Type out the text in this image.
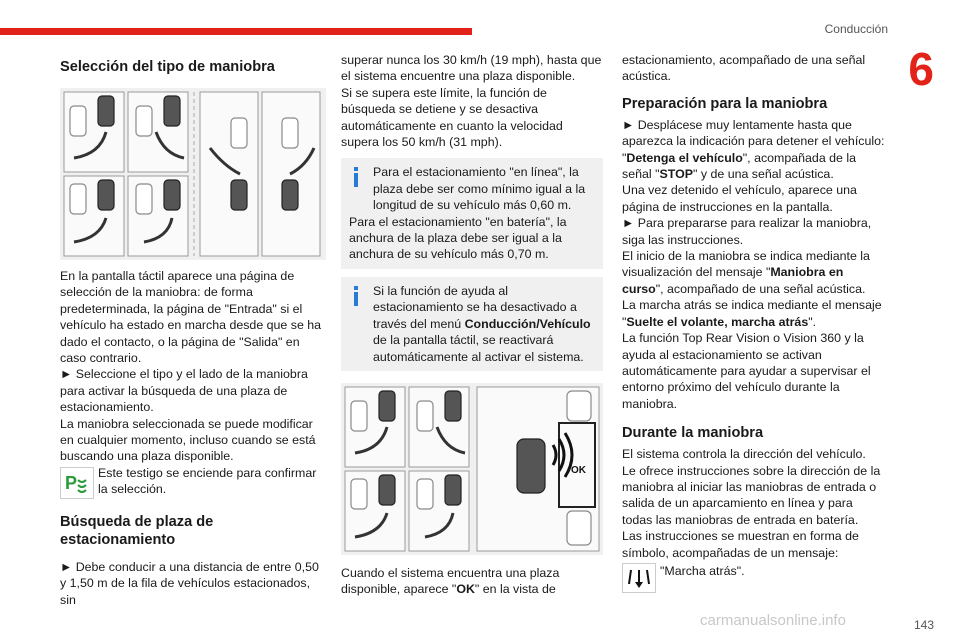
Conducción
6
Selección del tipo de maniobra

En la pantalla táctil aparece una página de selección de la maniobra: de forma predeterminada, la página de "Entrada" si el vehículo ha estado en marcha desde que se ha dado el contacto, o la página de "Salida" en caso contrario.

► Seleccione el tipo y el lado de la maniobra para activar la búsqueda de una plaza de estacionamiento.

La maniobra seleccionada se puede modificar en cualquier momento, incluso cuando se está buscando una plaza disponible.

P Este testigo se enciende para confirmar la selección.

Búsqueda de plaza de estacionamiento

► Debe conducir a una distancia de entre 0,50 y 1,50 m de la fila de vehículos estacionados, sin

superar nunca los 30 km/h (19 mph), hasta que el sistema encuentre una plaza disponible.

Si se supera este límite, la función de búsqueda se detiene y se desactiva automáticamente en cuanto la velocidad supera los 50 km/h (31 mph).

Para el estacionamiento "en línea", la plaza debe ser como mínimo igual a la longitud de su vehículo más 0,60 m.

Para el estacionamiento "en batería", la anchura de la plaza debe ser igual a la anchura de su vehículo más 0,70 m.

Si la función de ayuda al estacionamiento se ha desactivado a través del menú Conducción/Vehículo de la pantalla táctil, se reactivará automáticamente al activar el sistema.

OK

Cuando el sistema encuentra una plaza disponible, aparece "OK" en la vista de

estacionamiento, acompañado de una señal acústica.

Preparación para la maniobra

► Desplácese muy lentamente hasta que aparezca la indicación para detener el vehículo: "Detenga el vehículo", acompañada de la señal "STOP" y de una señal acústica.

Una vez detenido el vehículo, aparece una página de instrucciones en la pantalla.

► Para prepararse para realizar la maniobra, siga las instrucciones.

El inicio de la maniobra se indica mediante la visualización del mensaje "Maniobra en curso", acompañado de una señal acústica.

La marcha atrás se indica mediante el mensaje "Suelte el volante, marcha atrás".

La función Top Rear Vision o Vision 360 y la ayuda al estacionamiento se activan automáticamente para ayudar a supervisar el entorno próximo del vehículo durante la maniobra.

Durante la maniobra

El sistema controla la dirección del vehículo.

Le ofrece instrucciones sobre la dirección de la maniobra al iniciar las maniobras de entrada o salida de un aparcamiento en línea y para todas las maniobras de entrada en batería.

Las instrucciones se muestran en forma de símbolo, acompañadas de un mensaje:

"Marcha atrás".

143
carmanualsonline.info
